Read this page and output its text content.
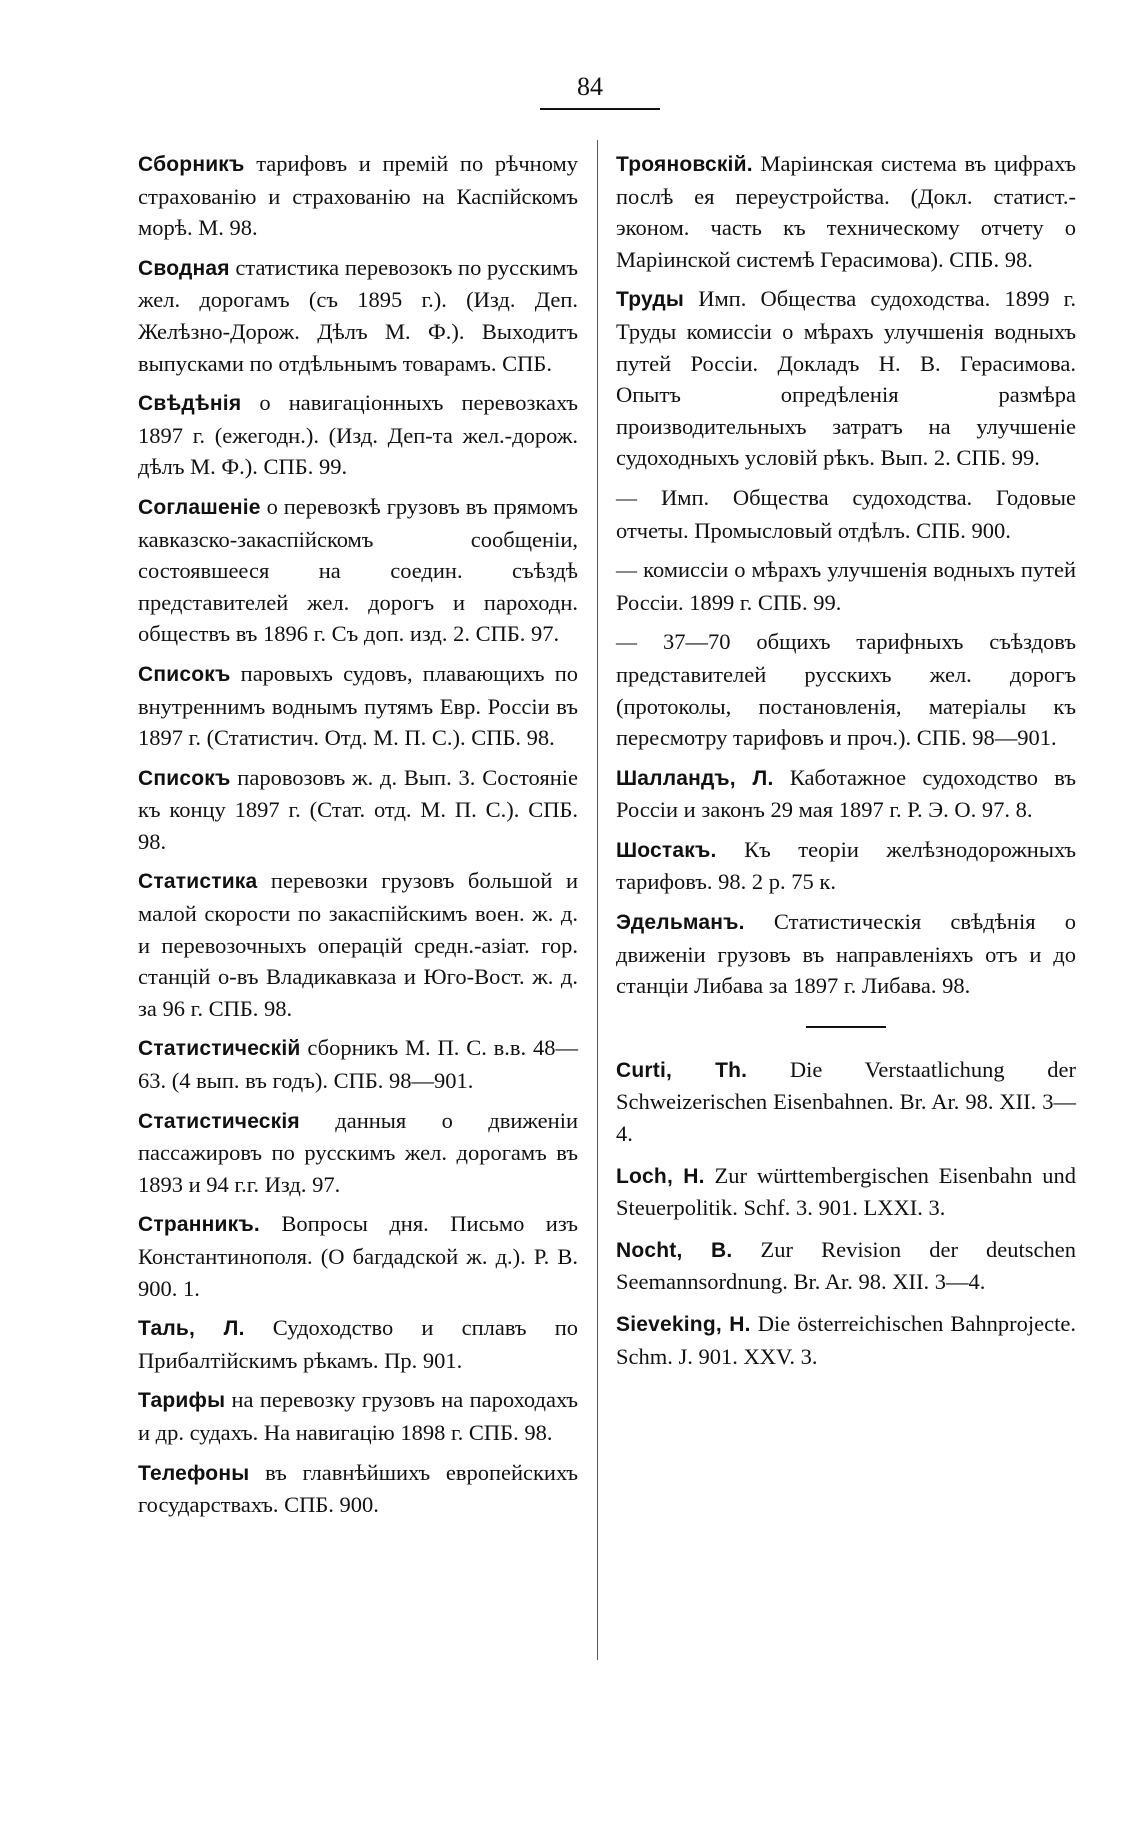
84

Сборникъ тарифовъ и премій по рѣчному страхованію и страхованію на Каспійскомъ морѣ. М. 98.

Сводная статистика перевозокъ по русскимъ жел. дорогамъ (съ 1895 г.). (Изд. Деп. Желѣзно-Дорож. Дѣлъ М. Ф.). Выходитъ выпусками по отдѣльнымъ товарамъ. СПБ.

Свѣдѣнія о навигаціонныхъ перевозкахъ 1897 г. (ежегодн.). (Изд. Деп-та жел.-дорож. дѣлъ М. Ф.). СПБ. 99.

Соглашеніе о перевозкѣ грузовъ въ прямомъ кавказско-закаспійскомъ сообщеніи, состоявшееся на соедин. съѣздѣ представителей жел. дорогъ и пароходн. обществъ въ 1896 г. Съ доп. изд. 2. СПБ. 97.

Списокъ паровыхъ судовъ, плавающихъ по внутреннимъ воднымъ путямъ Евр. Россіи въ 1897 г. (Статистич. Отд. М. П. С.). СПБ. 98.

Списокъ паровозовъ ж. д. Вып. 3. Состояніе къ концу 1897 г. (Стат. отд. М. П. С.). СПБ. 98.

Статистика перевозки грузовъ большой и малой скорости по закаспійскимъ воен. ж. д. и перевозочныхъ операцій средн.-азіат. гор. станцій о-въ Владикавказа и Юго-Вост. ж. д. за 96 г. СПБ. 98.

Статистическій сборникъ М. П. С. в.в. 48—63. (4 вып. въ годъ). СПБ. 98—901.

Статистическія данныя о движеніи пассажировъ по русскимъ жел. дорогамъ въ 1893 и 94 г.г. Изд. 97.

Странникъ. Вопросы дня. Письмо изъ Константинополя. (О багдадской ж. д.). Р. В. 900. 1.

Таль, Л. Судоходство и сплавъ по Прибалтійскимъ рѣкамъ. Пр. 901.

Тарифы на перевозку грузовъ на пароходахъ и др. судахъ. На навигацію 1898 г. СПБ. 98.

Телефоны въ главнѣйшихъ европейскихъ государствахъ. СПБ. 900.

Трояновскій. Маріинская система въ цифрахъ послѣ ея переустройства. (Докл. статист.-эконом. часть къ техническому отчету о Маріинской системѣ Герасимова). СПБ. 98.

Труды Имп. Общества судоходства. 1899 г. Труды комиссіи о мѣрахъ улучшенія водныхъ путей Россіи. Докладъ Н. В. Герасимова. Опытъ опредѣленія размѣра производительныхъ затратъ на улучшеніе судоходныхъ условій рѣкъ. Вып. 2. СПБ. 99.

— Имп. Общества судоходства. Годовые отчеты. Промысловый отдѣлъ. СПБ. 900.

— комиссіи о мѣрахъ улучшенія водныхъ путей Россіи. 1899 г. СПБ. 99.

— 37—70 общихъ тарифныхъ съѣздовъ представителей русскихъ жел. дорогъ (протоколы, постановленія, матеріалы къ пересмотру тарифовъ и проч.). СПБ. 98—901.

Шалландъ, Л. Каботажное судоходство въ Россіи и законъ 29 мая 1897 г. Р. Э. О. 97. 8.

Шостакъ. Къ теоріи желѣзнодорожныхъ тарифовъ. 98. 2 р. 75 к.

Эдельманъ. Статистическія свѣдѣнія о движеніи грузовъ въ направленіяхъ отъ и до станціи Либава за 1897 г. Либава. 98.

Curti, Th. Die Verstaatlichung der Schweizerischen Eisenbahnen. Br. Ar. 98. XII. 3—4.

Loch, H. Zur württembergischen Eisenbahn und Steuerpolitik. Schf. 3. 901. LXXI. 3.

Nocht, B. Zur Revision der deutschen Seemannsordnung. Br. Ar. 98. XII. 3—4.

Sieveking, H. Die österreichischen Bahnprojecte. Schm. J. 901. XXV. 3.
